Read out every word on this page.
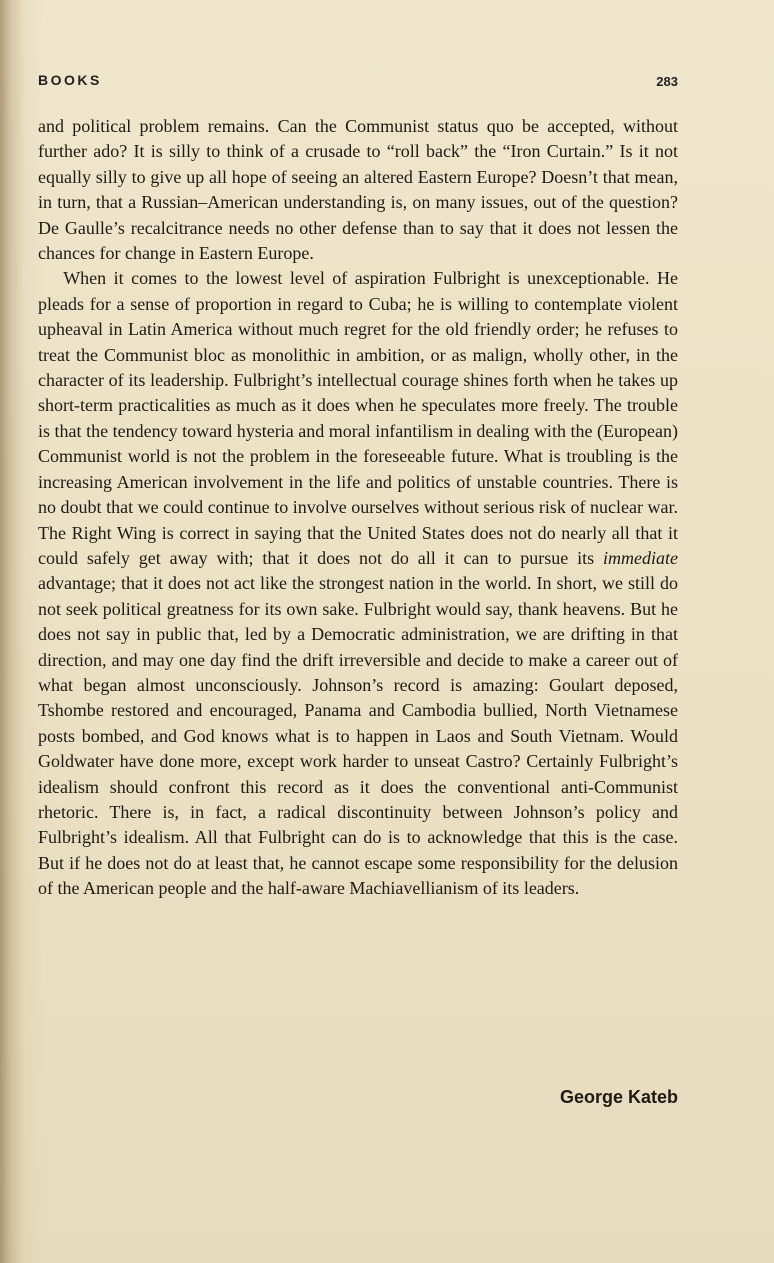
BOOKS	283

and political problem remains. Can the Communist status quo be accepted, without further ado? It is silly to think of a crusade to “roll back” the “Iron Curtain.” Is it not equally silly to give up all hope of seeing an altered Eastern Europe? Doesn’t that mean, in turn, that a Russian–American understanding is, on many issues, out of the question? De Gaulle’s recalcitrance needs no other defense than to say that it does not lessen the chances for change in Eastern Europe.

When it comes to the lowest level of aspiration Fulbright is unexceptionable. He pleads for a sense of proportion in regard to Cuba; he is willing to contemplate violent upheaval in Latin America without much regret for the old friendly order; he refuses to treat the Communist bloc as monolithic in ambition, or as malign, wholly other, in the character of its leadership. Fulbright’s intellectual courage shines forth when he takes up short-term practicalities as much as it does when he speculates more freely. The trouble is that the tendency toward hysteria and moral infantilism in dealing with the (European) Communist world is not the problem in the foreseeable future. What is troubling is the increasing American involvement in the life and politics of unstable countries. There is no doubt that we could continue to involve ourselves without serious risk of nuclear war. The Right Wing is correct in saying that the United States does not do nearly all that it could safely get away with; that it does not do all it can to pursue its immediate advantage; that it does not act like the strongest nation in the world. In short, we still do not seek political greatness for its own sake. Fulbright would say, thank heavens. But he does not say in public that, led by a Democratic administration, we are drifting in that direction, and may one day find the drift irreversible and decide to make a career out of what began almost unconsciously. Johnson’s record is amazing: Goulart deposed, Tshombe restored and encouraged, Panama and Cambodia bullied, North Vietnamese posts bombed, and God knows what is to happen in Laos and South Vietnam. Would Goldwater have done more, except work harder to unseat Castro? Certainly Fulbright’s idealism should confront this record as it does the conventional anti-Communist rhetoric. There is, in fact, a radical discontinuity between Johnson’s policy and Fulbright’s idealism. All that Fulbright can do is to acknowledge that this is the case. But if he does not do at least that, he cannot escape some responsibility for the delusion of the American people and the half-aware Machiavellianism of its leaders.

George Kateb
